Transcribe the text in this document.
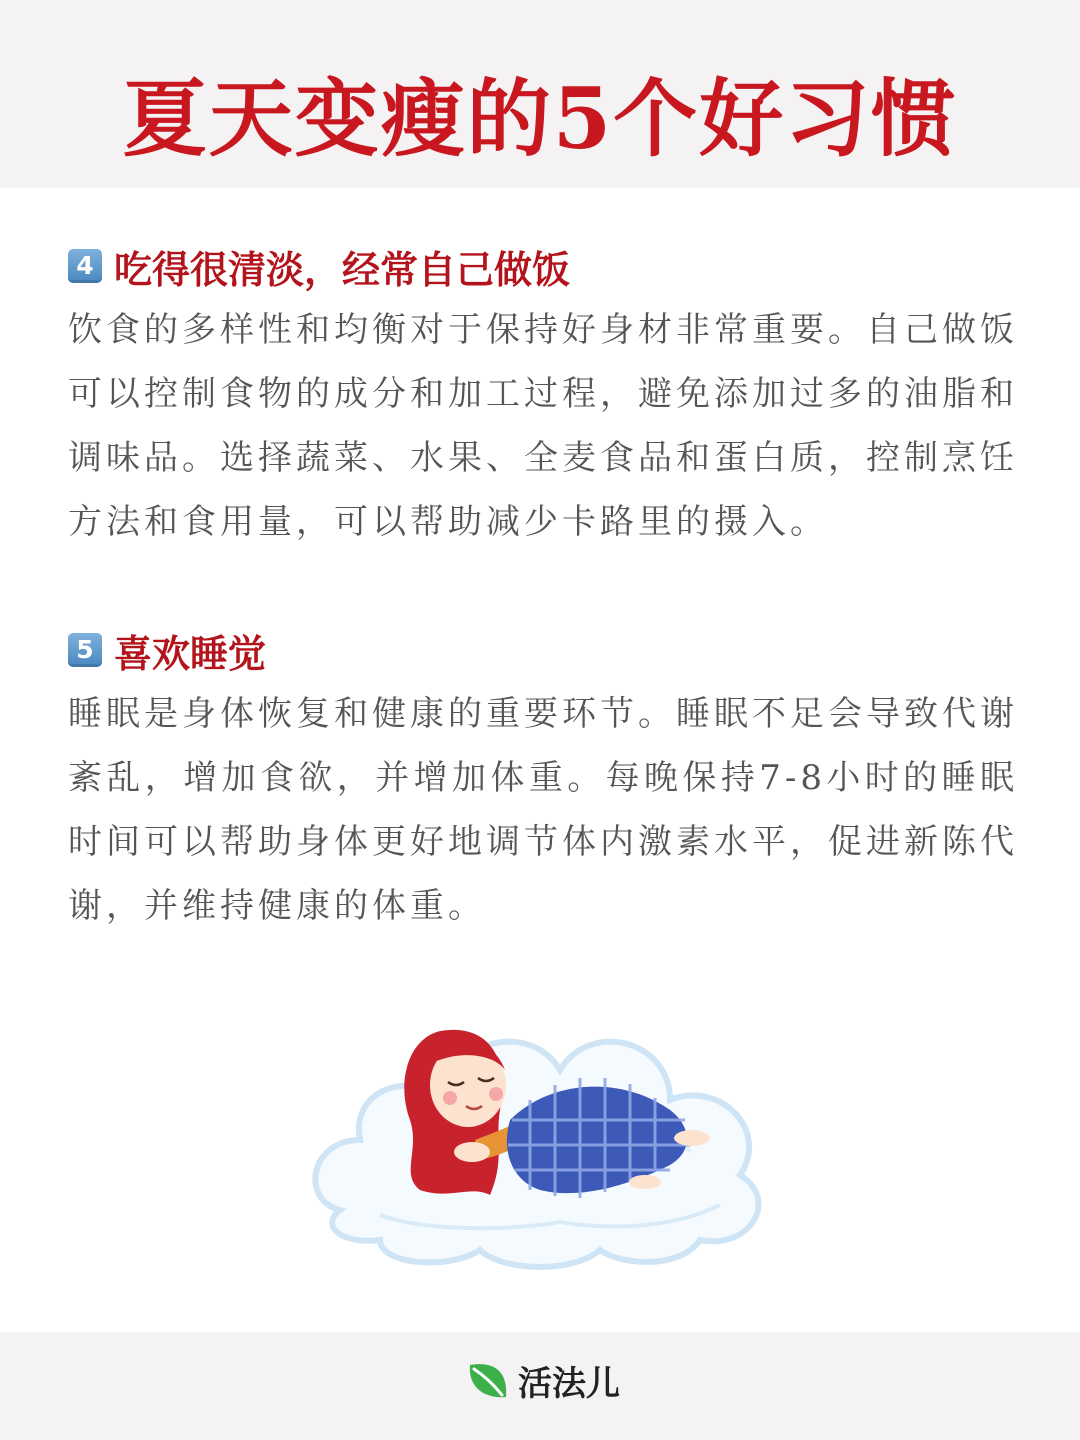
夏天变瘦的5个好习惯
4 吃得很清淡，经常自己做饭

饮食的多样性和均衡对于保持好身材非常重要。自己做饭可以控制食物的成分和加工过程，避免添加过多的油脂和调味品。选择蔬菜、水果、全麦食品和蛋白质，控制烹饪方法和食用量，可以帮助减少卡路里的摄入。

5 喜欢睡觉

睡眠是身体恢复和健康的重要环节。睡眠不足会导致代谢紊乱，增加食欲，并增加体重。每晚保持7-8小时的睡眠时间可以帮助身体更好地调节体内激素水平，促进新陈代谢，并维持健康的体重。

活法儿
